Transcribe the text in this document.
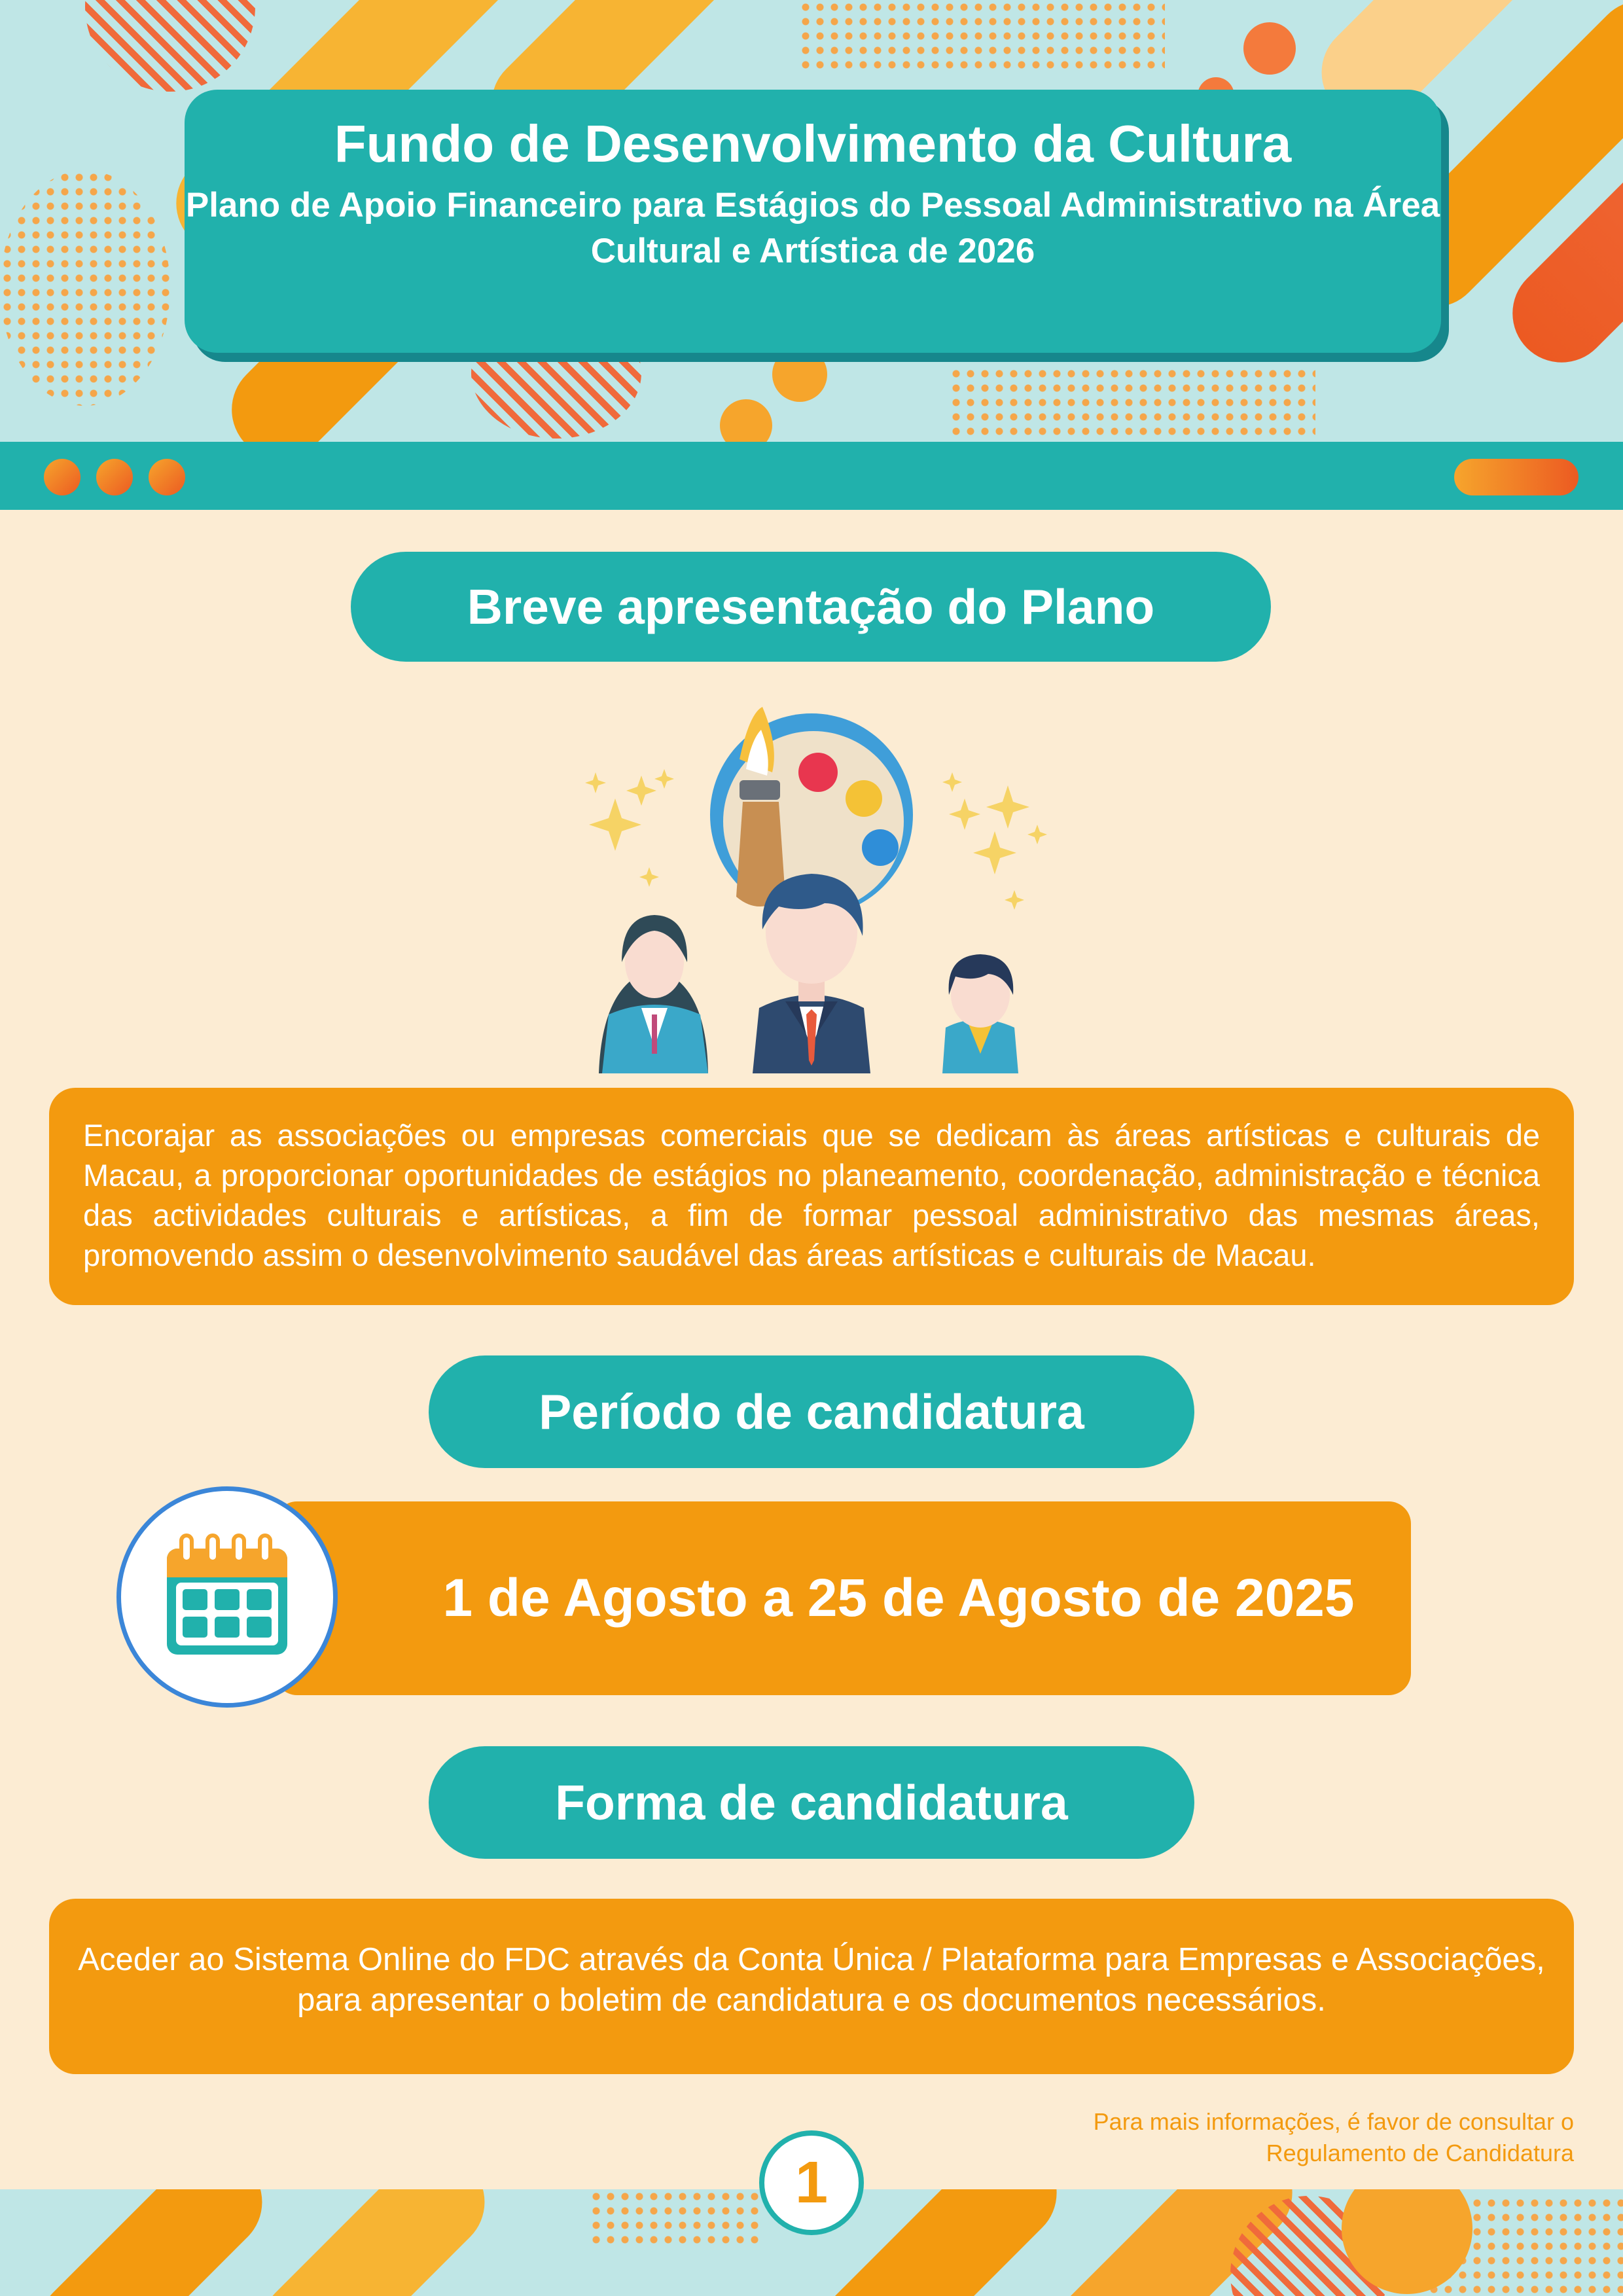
Fundo de Desenvolvimento da Cultura

Plano de Apoio Financeiro para Estágios do Pessoal Administrativo na Área Cultural e Artística de 2026

Breve apresentação do Plano

Encorajar as associações ou empresas comerciais que se dedicam às áreas artísticas e culturais de Macau, a proporcionar oportunidades de estágios no planeamento, coordenação, administração e técnica das actividades culturais e artísticas, a fim de formar pessoal administrativo das mesmas áreas, promovendo assim o desenvolvimento saudável das áreas artísticas e culturais de Macau.

Período de candidatura
1 de Agosto a 25 de Agosto de 2025
Forma de candidatura

Aceder ao Sistema Online do FDC através da Conta Única / Plataforma para Empresas e Associações, para apresentar o boletim de candidatura e os documentos necessários.

Para mais informações, é favor de consultar o Regulamento de Candidatura

1
